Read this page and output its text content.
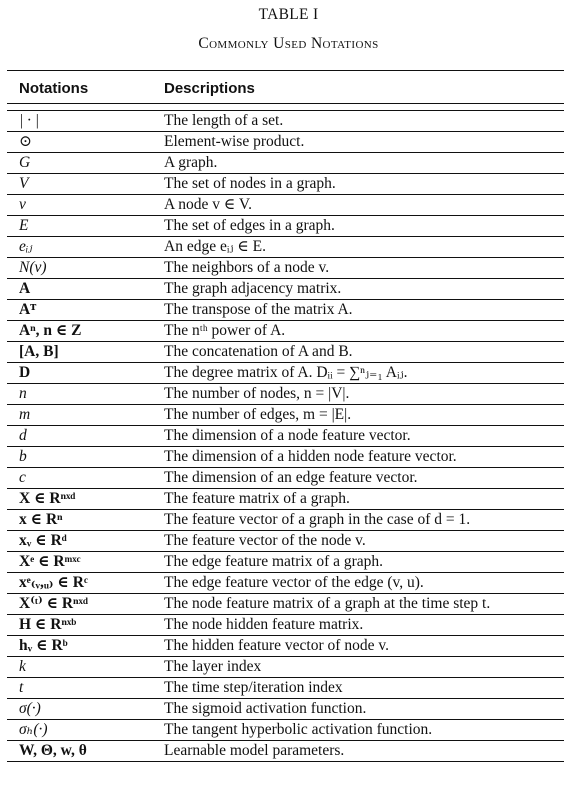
TABLE I
Commonly Used Notations
Notations	Descriptions

| · |	The length of a set.
⊙	Element-wise product.
G	A graph.
V	The set of nodes in a graph.
v	A node v ∈ V.
E	The set of edges in a graph.
eᵢⱼ	An edge eᵢⱼ ∈ E.
N(v)	The neighbors of a node v.
A	The graph adjacency matrix.
Aᵀ	The transpose of the matrix A.
Aⁿ, n ∈ Z	The nᵗʰ power of A.
[A, B]	The concatenation of A and B.
D	The degree matrix of A. Dᵢᵢ = ∑ⁿⱼ₌₁ Aᵢⱼ.
n	The number of nodes, n = |V|.
m	The number of edges, m = |E|.
d	The dimension of a node feature vector.
b	The dimension of a hidden node feature vector.
c	The dimension of an edge feature vector.
X ∈ Rⁿˣᵈ	The feature matrix of a graph.
x ∈ Rⁿ	The feature vector of a graph in the case of d = 1.
xᵥ ∈ Rᵈ	The feature vector of the node v.
Xᵉ ∈ Rᵐˣᶜ	The edge feature matrix of a graph.
xᵉ₍ᵥ,ᵤ₎ ∈ Rᶜ	The edge feature vector of the edge (v, u).
X⁽ᵗ⁾ ∈ Rⁿˣᵈ	The node feature matrix of a graph at the time step t.
H ∈ Rⁿˣᵇ	The node hidden feature matrix.
hᵥ ∈ Rᵇ	The hidden feature vector of node v.
k	The layer index
t	The time step/iteration index
σ(·)	The sigmoid activation function.
σₕ(·)	The tangent hyperbolic activation function.
W, Θ, w, θ	Learnable model parameters.
